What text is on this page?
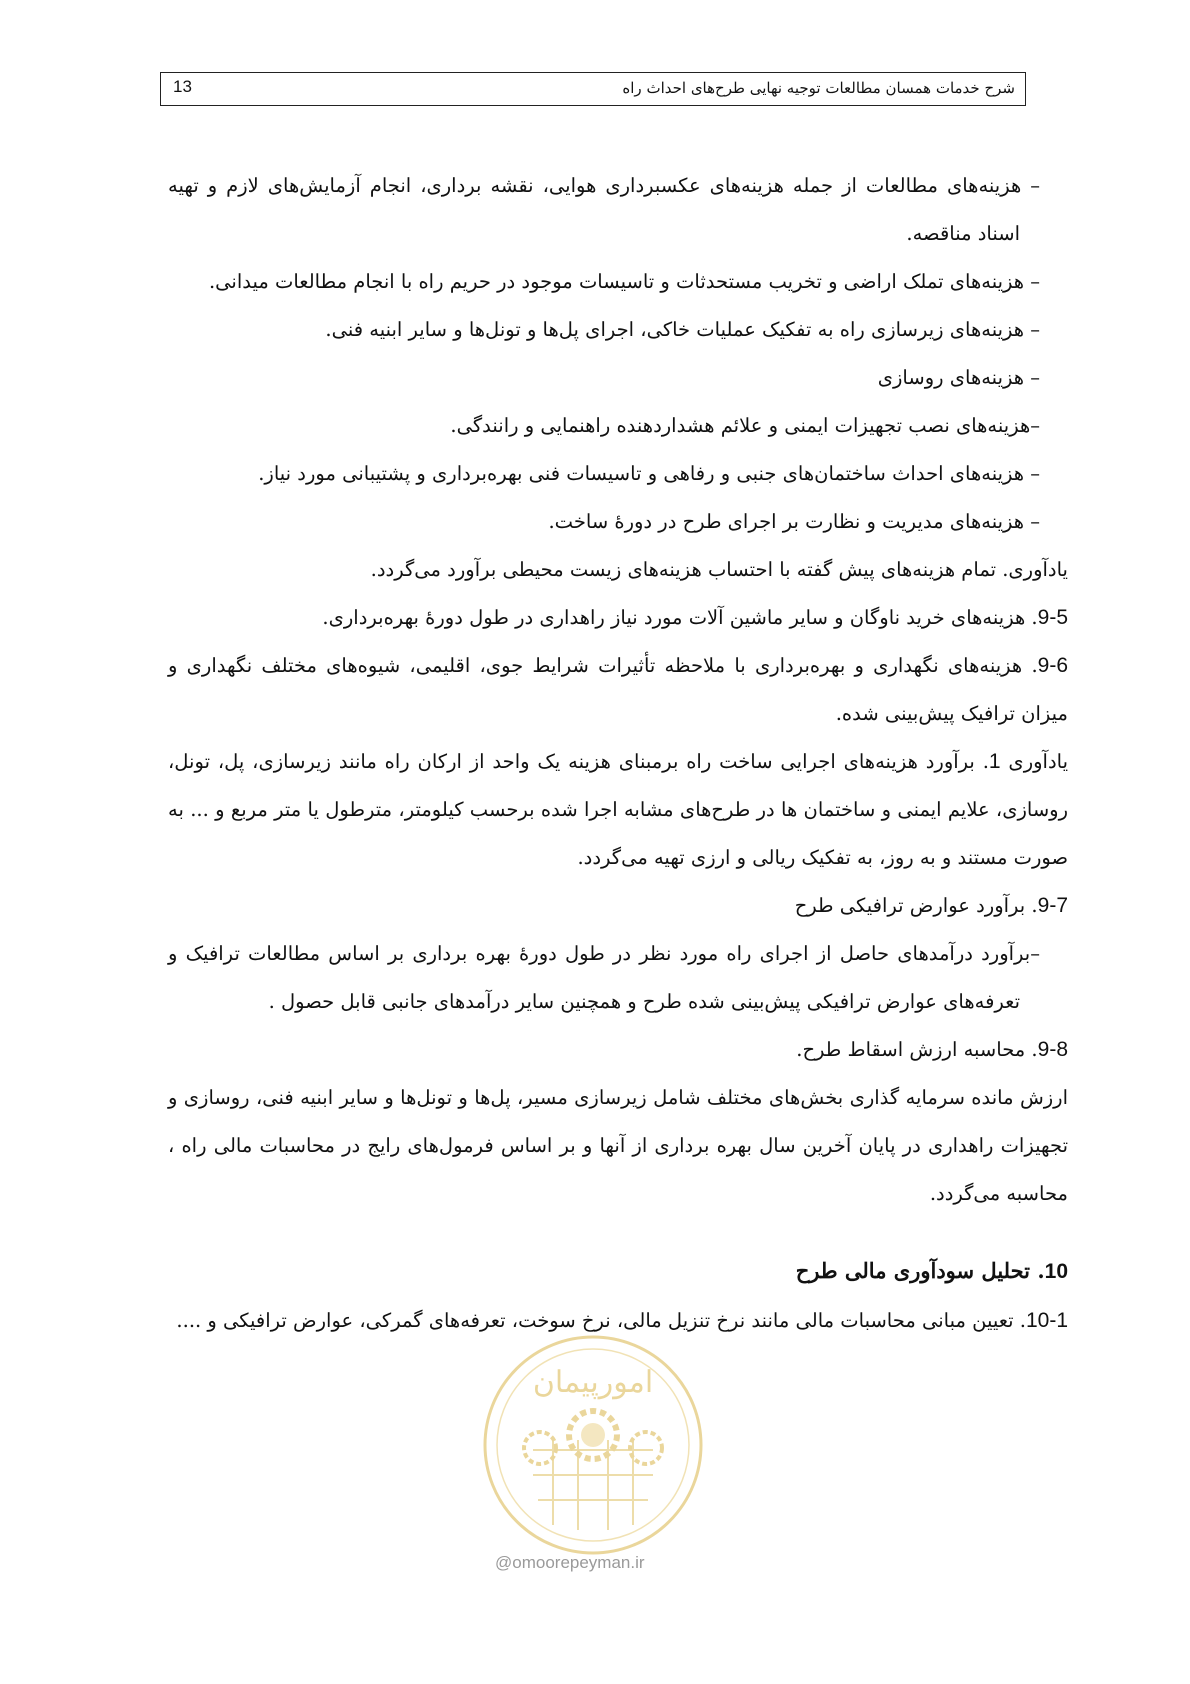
13	شرح خدمات همسان مطالعات توجیه نهایی طرح‌های احداث راه
– هزینه‌های مطالعات از جمله هزینه‌های عکسبرداری هوایی، نقشه برداری، انجام آزمایش‌های لازم و تهیه اسناد مناقصه.
– هزینه‌های تملک اراضی و تخریب مستحدثات و تاسیسات موجود در حریم راه با انجام مطالعات میدانی.
– هزینه‌های زیرسازی راه به تفکیک عملیات خاکی، اجرای پل‌ها و تونل‌ها و سایر ابنیه فنی.
– هزینه‌های روسازی
–هزینه‌های نصب تجهیزات ایمنی و علائم هشداردهنده راهنمایی و رانندگی.
– هزینه‌های احداث ساختمان‌های جنبی و رفاهی و تاسیسات فنی بهره‌برداری و پشتیبانی مورد نیاز.
– هزینه‌های مدیریت و نظارت بر اجرای طرح در دورهٔ ساخت.
یادآوری. تمام هزینه‌های پیش گفته با احتساب هزینه‌های زیست محیطی برآورد می‌گردد.
9-5. هزینه‌های خرید ناوگان و سایر ماشین آلات مورد نیاز راهداری در طول دورهٔ بهره‌برداری.
9-6. هزینه‌های نگهداری و بهره‌برداری با ملاحظه تأثیرات شرایط جوی، اقلیمی، شیوه‌های مختلف نگهداری و میزان ترافیک پیش‌بینی شده.
یادآوری 1. برآورد هزینه‌های اجرایی ساخت راه برمبنای هزینه یک واحد از ارکان راه مانند زیرسازی، پل، تونل، روسازی، علایم ایمنی و ساختمان ها در طرح‌های مشابه اجرا شده برحسب کیلومتر، مترطول یا متر مربع و ... به صورت مستند و به روز، به تفکیک ریالی و ارزی تهیه می‌گردد.
9-7. برآورد عوارض ترافیکی طرح
–برآورد درآمدهای حاصل از اجرای راه مورد نظر در طول دورهٔ بهره برداری بر اساس مطالعات ترافیک و تعرفه‌های عوارض ترافیکی پیش‌بینی شده طرح و همچنین سایر درآمدهای جانبی قابل حصول .
9-8. محاسبه ارزش اسقاط طرح.
ارزش مانده سرمایه گذاری بخش‌های مختلف شامل زیرسازی مسیر، پل‌ها و تونل‌ها و سایر ابنیه فنی، روسازی و تجهیزات راهداری در پایان آخرین سال بهره برداری از آنها و بر اساس فرمول‌های رایج در محاسبات مالی راه ، محاسبه می‌گردد.
10. تحلیل سودآوری مالی طرح
10-1. تعیین مبانی محاسبات مالی مانند نرخ تنزیل مالی، نرخ سوخت، تعرفه‌های گمرکی، عوارض ترافیکی و ....
امورپیمان
@omoorepeyman.ir
